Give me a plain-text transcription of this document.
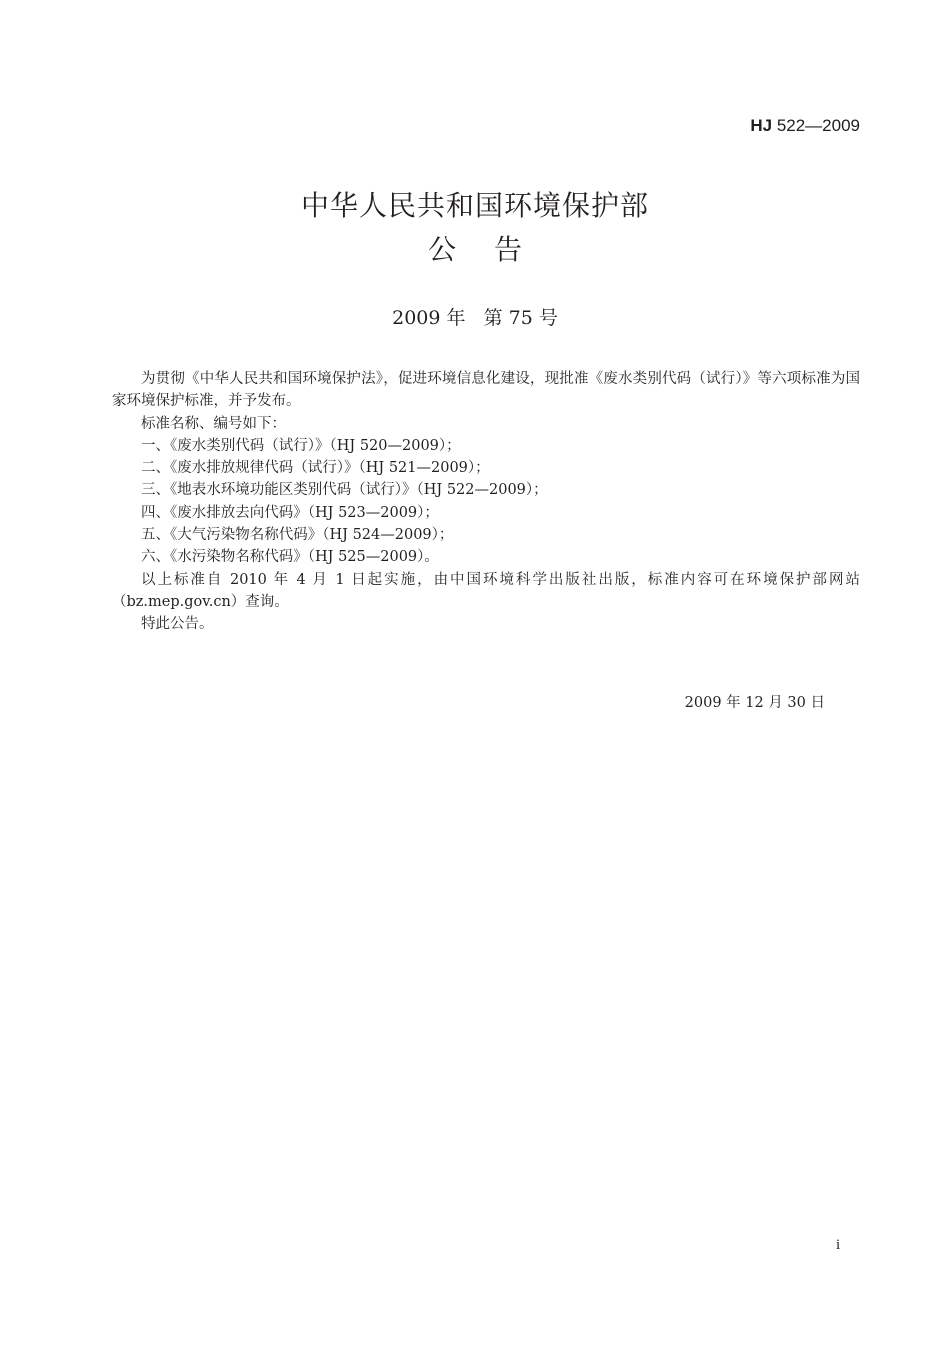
HJ 522—2009
中华人民共和国环境保护部
公 告
2009 年   第 75 号

为贯彻《中华人民共和国环境保护法》，促进环境信息化建设，现批准《废水类别代码（试行）》等六项标准为国家环境保护标准，并予发布。

标准名称、编号如下：

一、《废水类别代码（试行）》（HJ 520—2009）；

二、《废水排放规律代码（试行）》（HJ 521—2009）；

三、《地表水环境功能区类别代码（试行）》（HJ 522—2009）；

四、《废水排放去向代码》（HJ 523—2009）；

五、《大气污染物名称代码》（HJ 524—2009）；

六、《水污染物名称代码》（HJ 525—2009）。

以上标准自 2010 年 4 月 1 日起实施，由中国环境科学出版社出版，标准内容可在环境保护部网站（bz.mep.gov.cn）查询。

特此公告。

2009 年 12 月 30 日
i
